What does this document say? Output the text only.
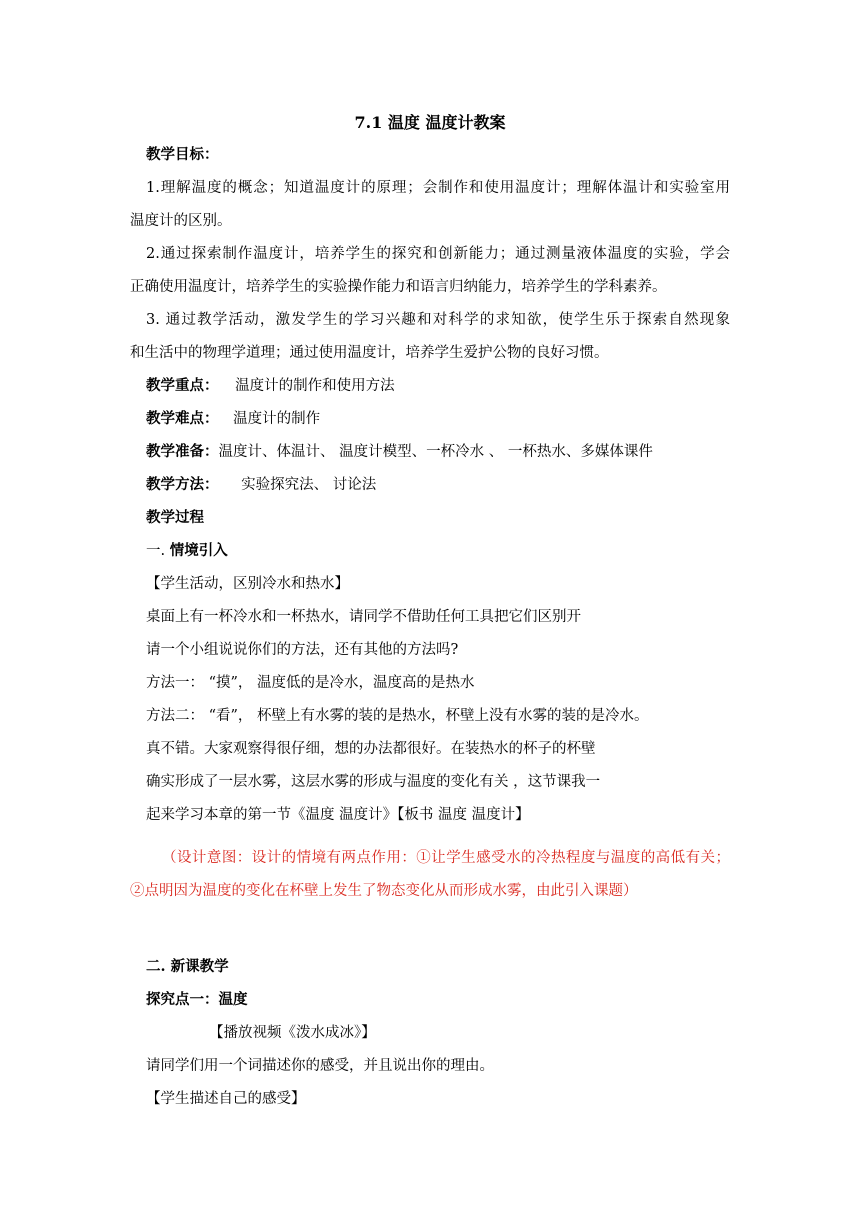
7.1 温度 温度计教案
教学目标：
1.理解温度的概念；知道温度计的原理；会制作和使用温度计；理解体温计和实验室用
温度计的区别。
2.通过探索制作温度计，培养学生的探究和创新能力；通过测量液体温度的实验，学会
正确使用温度计，培养学生的实验操作能力和语言归纳能力，培养学生的学科素养。
3. 通过教学活动，激发学生的学习兴趣和对科学的求知欲，使学生乐于探索自然现象
和生活中的物理学道理；通过使用温度计，培养学生爱护公物的良好习惯。
教学重点： 温度计的制作和使用方法
教学难点： 温度计的制作
教学准备：温度计、体温计、 温度计模型、一杯冷水 、 一杯热水、多媒体课件
教学方法： 实验探究法、 讨论法
教学过程
一. 情境引入
【学生活动，区别冷水和热水】
桌面上有一杯冷水和一杯热水，请同学不借助任何工具把它们区别开
请一个小组说说你们的方法，还有其他的方法吗?
方法一： “摸”， 温度低的是冷水，温度高的是热水
方法二： “看”， 杯壁上有水雾的装的是热水，杯壁上没有水雾的装的是冷水。
真不错。大家观察得很仔细，想的办法都很好。在装热水的杯子的杯壁
确实形成了一层水雾，这层水雾的形成与温度的变化有关 ，这节课我一
起来学习本章的第一节《温度 温度计》【板书 温度 温度计】
（设计意图：设计的情境有两点作用：①让学生感受水的冷热程度与温度的高低有关；
②点明因为温度的变化在杯壁上发生了物态变化从而形成水雾，由此引入课题）
二. 新课教学
探究点一：温度
【播放视频《泼水成冰》】
请同学们用一个词描述你的感受，并且说出你的理由。
【学生描述自己的感受】
